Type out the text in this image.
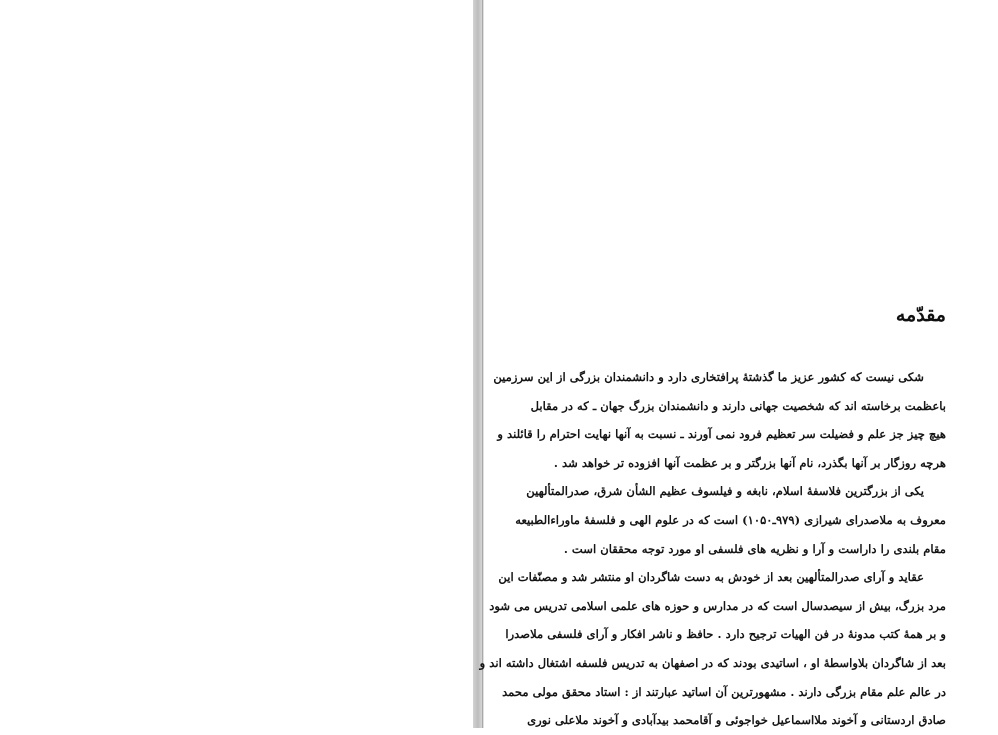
مقدّمه
شکی نیست که کشور عزیز ما گذشتهٔ پرافتخاری دارد و دانشمندان بزرگی از این سرزمین
باعظمت برخاسته اند که شخصیت جهانی دارند و دانشمندان بزرگ جهان ـ که در مقابل
هیچ چیز جز علم و فضیلت سر تعظیم فرود نمی آورند ـ نسبت به آنها نهایت احترام را قائلند و
هرچه روزگار بر آنها بگذرد، نام آنها بزرگتر و بر عظمت آنها افزوده تر خواهد شد .
یکی از بزرگترین فلاسفهٔ اسلام، نابغه و فیلسوف عظیم الشأن شرق، صدرالمتألهین
معروف به ملاصدرای شیرازی (۹۷۹ـ۱۰۵۰) است که در علوم الهی و فلسفهٔ ماوراءالطبیعه
مقام بلندی را داراست و آرا و نظریه های فلسفی او مورد توجه محققان است .
عقاید و آرای صدرالمتألهین بعد از خودش به دست شاگردان او منتشر شد و مصنّفات این
مرد بزرگ، بیش از سیصدسال است که در مدارس و حوزه های علمی اسلامی تدریس می شود
و بر همهٔ کتب مدونهٔ در فن الهیات ترجیح دارد . حافظ و ناشر افکار و آرای فلسفی ملاصدرا
بعد از شاگردان بلاواسطهٔ او ، اساتیدی بودند که در اصفهان به تدریس فلسفه اشتغال داشته اند و
در عالم علم مقام بزرگی دارند . مشهورترین آن اساتید عبارتند از : استاد محقق مولی محمد
صادق اردستانی و آخوند ملااسماعیل خواجوئی و آقامحمد بیدآبادی و آخوند ملاعلی نوری
